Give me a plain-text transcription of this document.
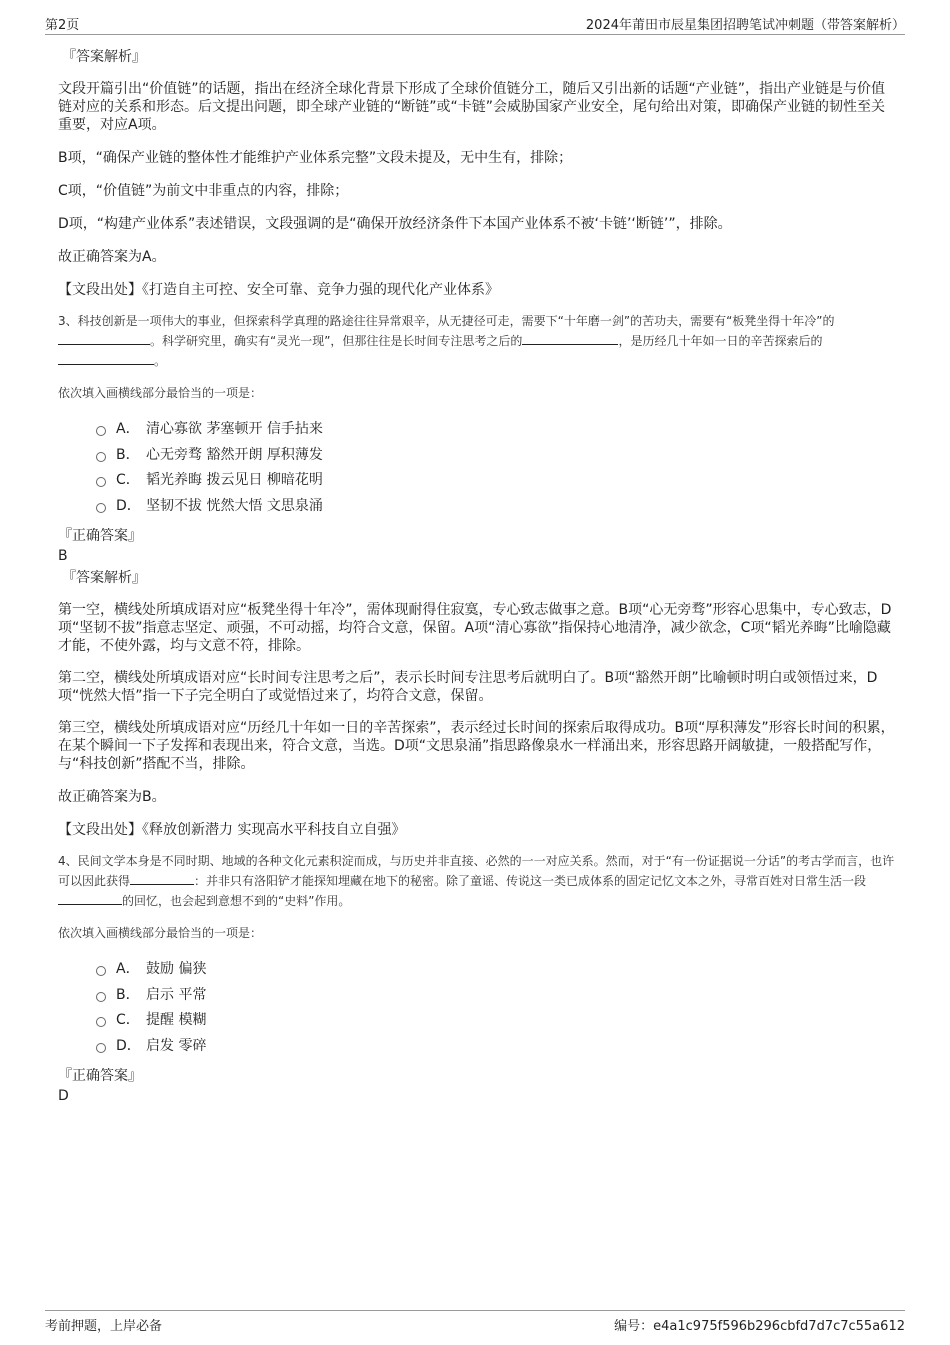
第2页	2024年莆田市辰星集团招聘笔试冲刺题（带答案解析）
『答案解析』

文段开篇引出“价值链”的话题，指出在经济全球化背景下形成了全球价值链分工，随后又引出新的话题“产业链”，指出产业链是与价值链对应的关系和形态。后文提出问题，即全球产业链的“断链”或“卡链”会威胁国家产业安全，尾句给出对策，即确保产业链的韧性至关重要，对应A项。

B项，“确保产业链的整体性才能维护产业体系完整”文段未提及，无中生有，排除；

C项，“价值链”为前文中非重点的内容，排除；

D项，“构建产业体系”表述错误，文段强调的是“确保开放经济条件下本国产业体系不被‘卡链’‘断链’”，排除。

故正确答案为A。

【文段出处】《打造自主可控、安全可靠、竞争力强的现代化产业体系》

3、科技创新是一项伟大的事业，但探索科学真理的路途往往异常艰辛，从无捷径可走，需要下“十年磨一剑”的苦功夫，需要有“板凳坐得十年冷”的。科学研究里，确实有“灵光一现”，但那往往是长时间专注思考之后的	，是历经几十年如一日的辛苦探索后的。

依次填入画横线部分最恰当的一项是：

A． 清心寡欲 茅塞顿开 信手拈来
B． 心无旁骛 豁然开朗 厚积薄发
C． 韬光养晦 拨云见日 柳暗花明
D． 坚韧不拔 恍然大悟 文思泉涌
『正确答案』
B
『答案解析』

第一空，横线处所填成语对应“板凳坐得十年冷”，需体现耐得住寂寞，专心致志做事之意。B项“心无旁骛”形容心思集中，专心致志，D项“坚韧不拔”指意志坚定、顽强，不可动摇，均符合文意，保留。A项“清心寡欲”指保持心地清净，减少欲念，C项“韬光养晦”比喻隐藏才能，不使外露，均与文意不符，排除。

第二空，横线处所填成语对应“长时间专注思考之后”，表示长时间专注思考后就明白了。B项“豁然开朗”比喻顿时明白或领悟过来，D项“恍然大悟”指一下子完全明白了或觉悟过来了，均符合文意，保留。

第三空，横线处所填成语对应“历经几十年如一日的辛苦探索”，表示经过长时间的探索后取得成功。B项“厚积薄发”形容长时间的积累，在某个瞬间一下子发挥和表现出来，符合文意，当选。D项“文思泉涌”指思路像泉水一样涌出来，形容思路开阔敏捷，一般搭配写作，与“科技创新”搭配不当，排除。

故正确答案为B。

【文段出处】《释放创新潜力 实现高水平科技自立自强》

4、民间文学本身是不同时期、地域的各种文化元素积淀而成，与历史并非直接、必然的一一对应关系。然而，对于“有一份证据说一分话”的考古学而言，也许可以因此获得	：并非只有洛阳铲才能探知埋藏在地下的秘密。除了童谣、传说这一类已成体系的固定记忆文本之外，寻常百姓对日常生活一段的回忆，也会起到意想不到的“史料”作用。

依次填入画横线部分最恰当的一项是：

A． 鼓励 偏狭
B． 启示 平常
C． 提醒 模糊
D． 启发 零碎
『正确答案』
D
考前押题，上岸必备	编号：e4a1c975f596b296cbfd7d7c7c55a612
